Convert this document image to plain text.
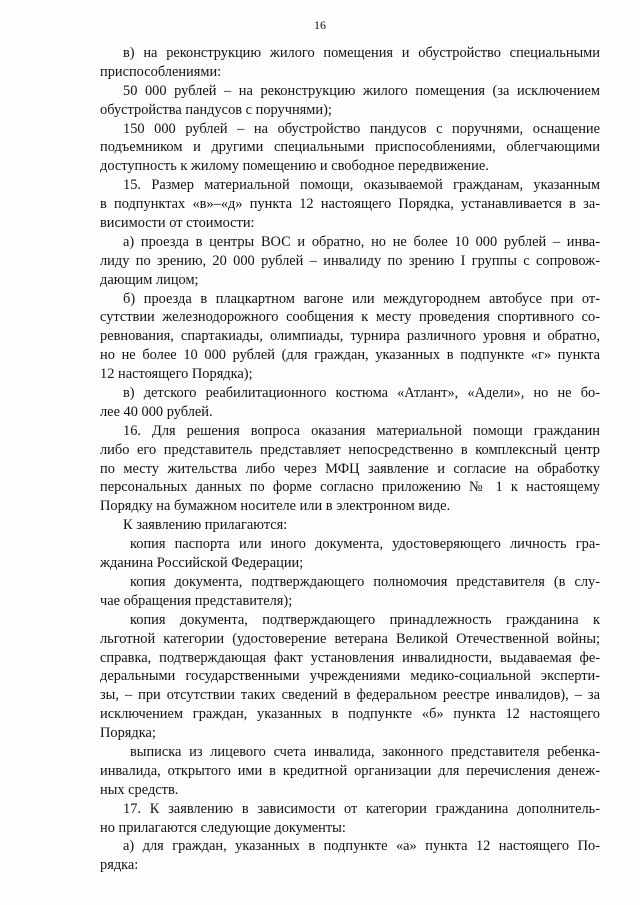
16
в) на реконструкцию жилого помещения и обустройство специальными
приспособлениями:
50 000 рублей – на реконструкцию жилого помещения (за исключением
обустройства пандусов с поручнями);
150 000 рублей – на обустройство пандусов с поручнями, оснащение
подъемником и другими специальными приспособлениями, облегчающими
доступность к жилому помещению и свободное передвижение.
15. Размер материальной помощи, оказываемой гражданам, указанным
в подпунктах «в»–«д» пункта 12 настоящего Порядка, устанавливается в за-
висимости от стоимости:
а) проезда в центры ВОС и обратно, но не более 10 000 рублей – инва-
лиду по зрению, 20 000 рублей – инвалиду по зрению I группы с сопровож-
дающим лицом;
б) проезда в плацкартном вагоне или междугороднем автобусе при от-
сутствии железнодорожного сообщения к месту проведения спортивного со-
ревнования, спартакиады, олимпиады, турнира различного уровня и обратно,
но не более 10 000 рублей (для граждан, указанных в подпункте «г» пункта
12 настоящего Порядка);
в) детского реабилитационного костюма «Атлант», «Адели», но не бо-
лее 40 000 рублей.
16. Для решения вопроса оказания материальной помощи гражданин
либо его представитель представляет непосредственно в комплексный центр
по месту жительства либо через МФЦ заявление и согласие на обработку
персональных данных по форме согласно приложению № 1 к настоящему
Порядку на бумажном носителе или в электронном виде.
К заявлению прилагаются:
копия паспорта или иного документа, удостоверяющего личность гра-
жданина Российской Федерации;
копия документа, подтверждающего полномочия представителя (в слу-
чае обращения представителя);
копия документа, подтверждающего принадлежность гражданина к
льготной категории (удостоверение ветерана Великой Отечественной войны;
справка, подтверждающая факт установления инвалидности, выдаваемая фе-
деральными государственными учреждениями медико-социальной эксперти-
зы, – при отсутствии таких сведений в федеральном реестре инвалидов), – за
исключением граждан, указанных в подпункте «б» пункта 12 настоящего
Порядка;
выписка из лицевого счета инвалида, законного представителя ребенка-
инвалида, открытого ими в кредитной организации для перечисления денеж-
ных средств.
17. К заявлению в зависимости от категории гражданина дополнитель-
но прилагаются следующие документы:
а) для граждан, указанных в подпункте «а» пункта 12 настоящего По-
рядка:
